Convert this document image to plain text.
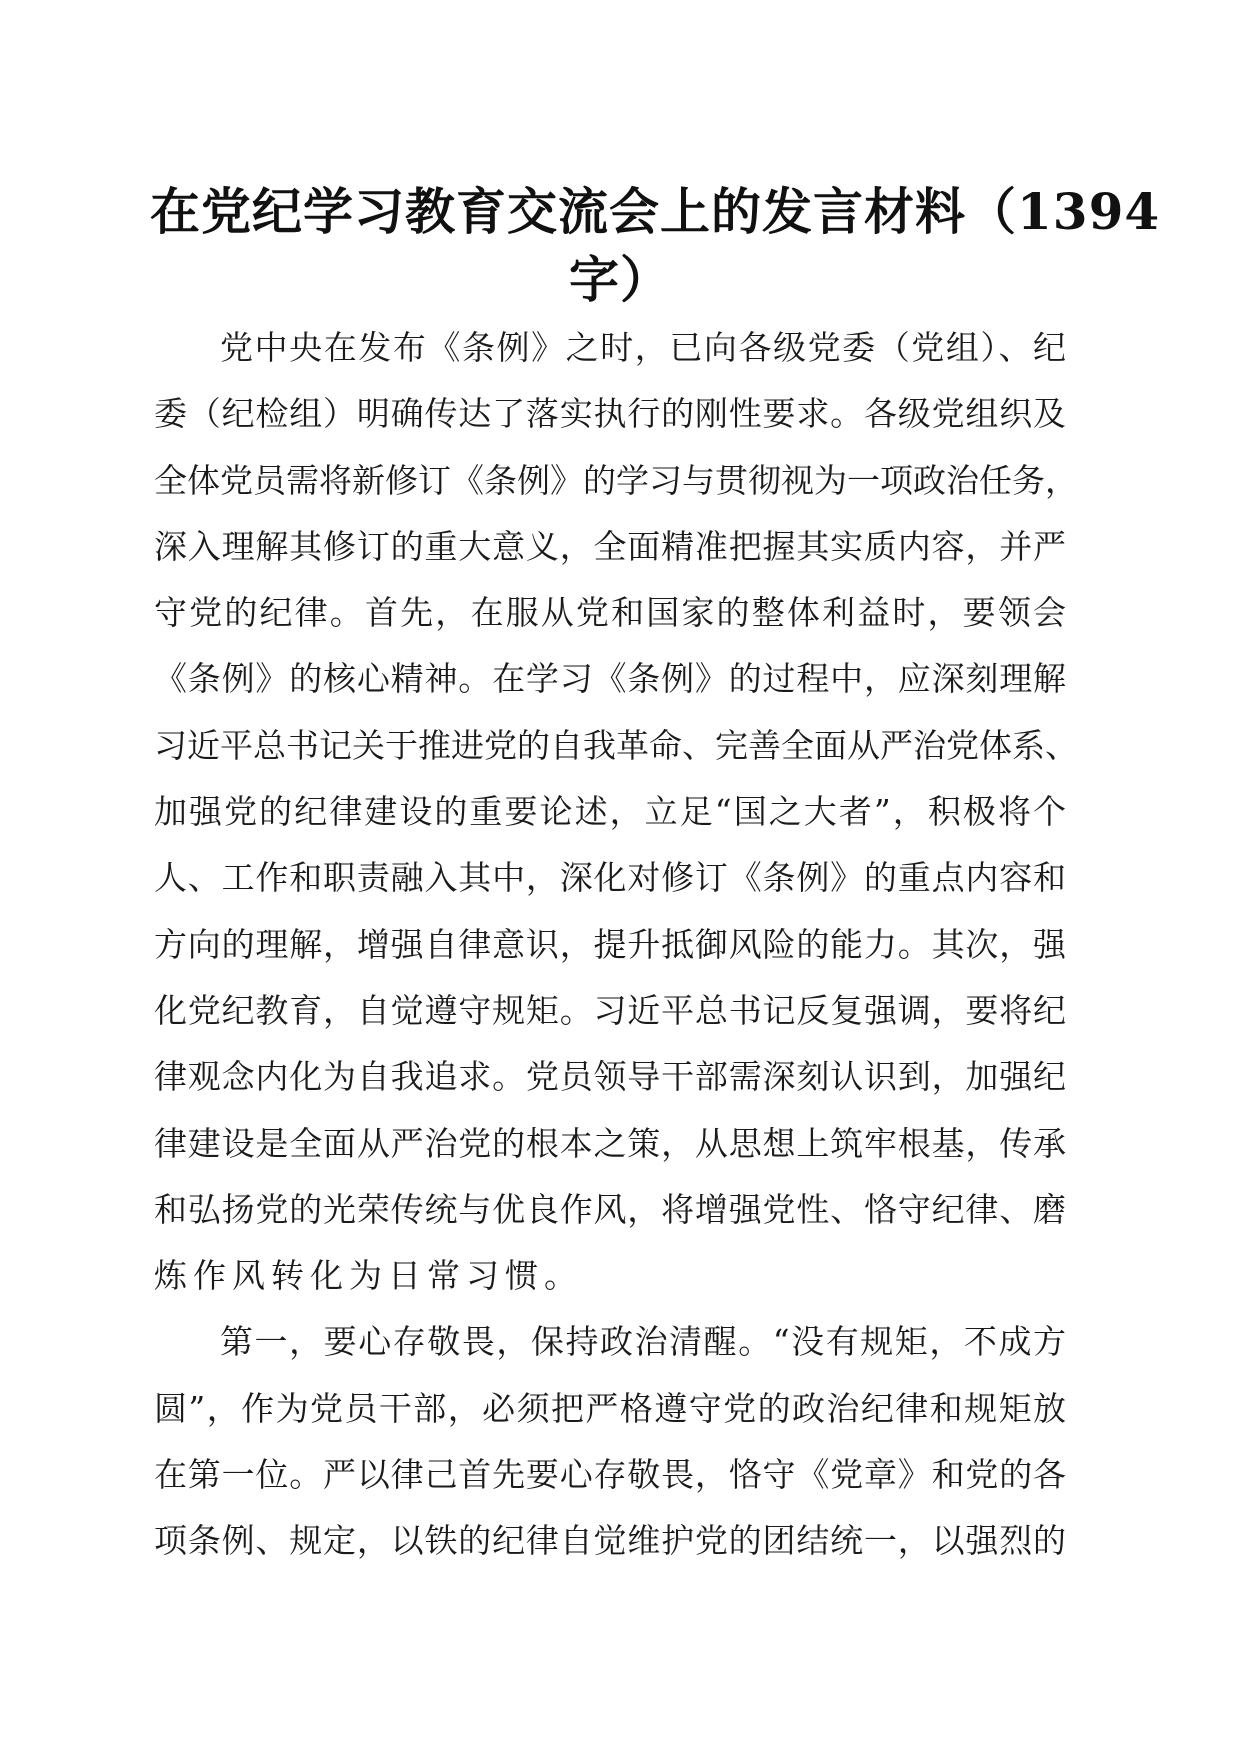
在党纪学习教育交流会上的发言材料（1394
字）
党中央在发布《条例》之时，已向各级党委（党组）、纪
委（纪检组）明确传达了落实执行的刚性要求。各级党组织及
全体党员需将新修订《条例》的学习与贯彻视为一项政治任务，
深入理解其修订的重大意义，全面精准把握其实质内容，并严
守党的纪律。首先，在服从党和国家的整体利益时，要领会
《条例》的核心精神。在学习《条例》的过程中，应深刻理解
习近平总书记关于推进党的自我革命、完善全面从严治党体系、
加强党的纪律建设的重要论述，立足“国之大者”，积极将个
人、工作和职责融入其中，深化对修订《条例》的重点内容和
方向的理解，增强自律意识，提升抵御风险的能力。其次，强
化党纪教育，自觉遵守规矩。习近平总书记反复强调，要将纪
律观念内化为自我追求。党员领导干部需深刻认识到，加强纪
律建设是全面从严治党的根本之策，从思想上筑牢根基，传承
和弘扬党的光荣传统与优良作风，将增强党性、恪守纪律、磨
炼作风转化为日常习惯。
第一，要心存敬畏，保持政治清醒。“没有规矩，不成方
圆”，作为党员干部，必须把严格遵守党的政治纪律和规矩放
在第一位。严以律己首先要心存敬畏，恪守《党章》和党的各
项条例、规定，以铁的纪律自觉维护党的团结统一，以强烈的
